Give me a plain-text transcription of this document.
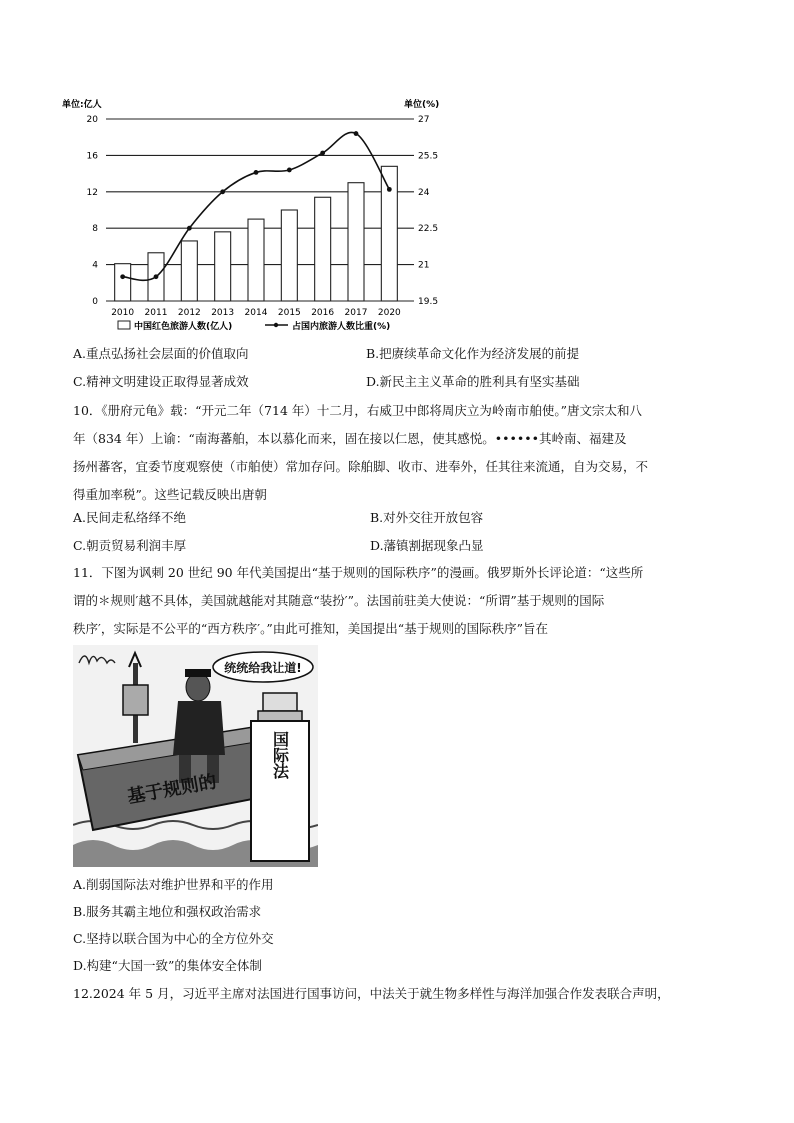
单位:亿人	单位(%)
0
4
8
12
16
20
19.5
21
22.5
24
25.5
27
2010 2011 2012 2013 2014 2015 2016 2017 2020
中国红色旅游人数(亿人)	占国内旅游人数比重(%)
A.重点弘扬社会层面的价值取向	B.把赓续革命文化作为经济发展的前提
C.精神文明建设正取得显著成效	D.新民主主义革命的胜利具有坚实基础
10．《册府元龟》载：“开元二年（714 年）十二月，右威卫中郎将周庆立为岭南市舶使。”唐文宗太和八
年（834 年）上谕：“南海蕃舶，本以慕化而来，固在接以仁恩，使其感悦。••••••其岭南、福建及
扬州蕃客，宜委节度观察使（市舶使）常加存问。除舶脚、收市、进奉外，任其往来流通，自为交易，不
得重加率税”。这些记载反映出唐朝
A.民间走私络绎不绝	B.对外交往开放包容
C.朝贡贸易利润丰厚	D.藩镇割据现象凸显
11．下图为讽刺 20 世纪 90 年代美国提出“基于规则的国际秩序”的漫画。俄罗斯外长评论道：“这些所
谓的＊规则′越不具体，美国就越能对其随意“装扮′”。法国前驻美大使说：“所谓”基于规则的国际
秩序′，实际是不公平的“西方秩序′。”由此可推知，美国提出“基于规则的国际秩序”旨在
统统给我让道!
国际法
基于规则的
A.削弱国际法对维护世界和平的作用
B.服务其霸主地位和强权政治需求
C.坚持以联合国为中心的全方位外交
D.构建“大国一致”的集体安全体制
12.2024 年 5 月，习近平主席对法国进行国事访问，中法关于就生物多样性与海洋加强合作发表联合声明，
